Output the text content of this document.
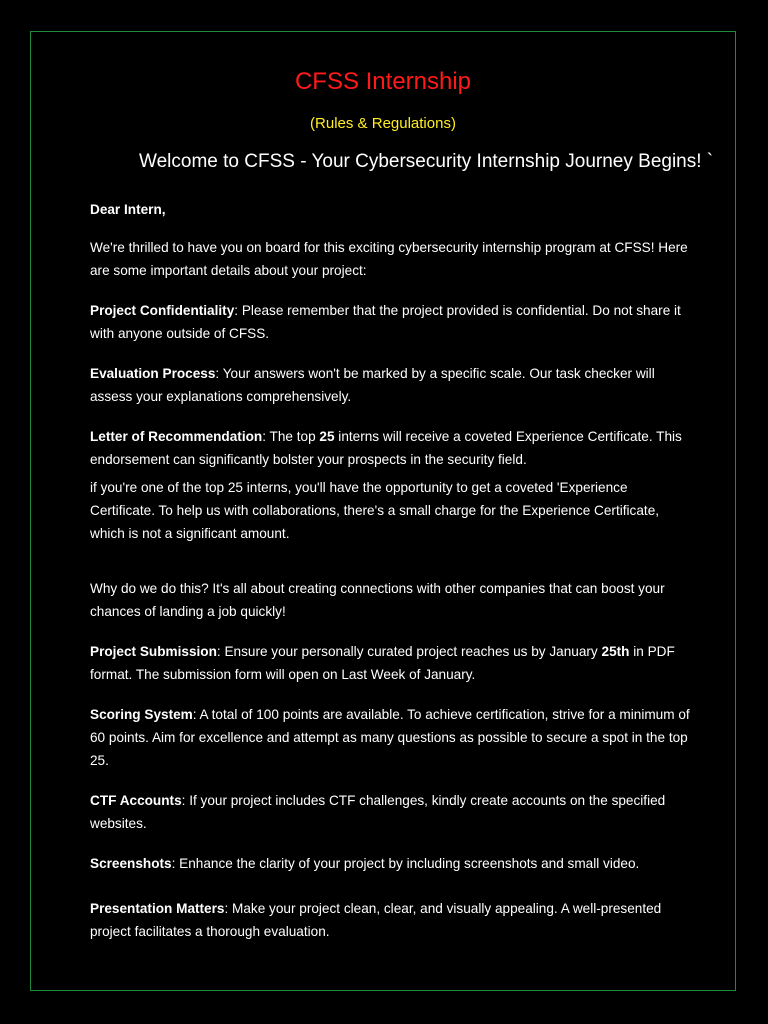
CFSS Internship
(Rules & Regulations)
Welcome to CFSS - Your Cybersecurity Internship Journey Begins! `
Dear Intern,
We're thrilled to have you on board for this exciting cybersecurity internship program at CFSS! Here are some important details about your project:
Project Confidentiality: Please remember that the project provided is confidential. Do not share it with anyone outside of CFSS.
Evaluation Process: Your answers won't be marked by a specific scale. Our task checker will assess your explanations comprehensively.
Letter of Recommendation: The top 25 interns will receive a coveted Experience Certificate. This endorsement can significantly bolster your prospects in the security field.
if you're one of the top 25 interns, you'll have the opportunity to get a coveted 'Experience Certificate. To help us with collaborations, there's a small charge for the Experience Certificate, which is not a significant amount.
Why do we do this? It's all about creating connections with other companies that can boost your chances of landing a job quickly!
Project Submission: Ensure your personally curated project reaches us by January 25th in PDF format. The submission form will open on Last Week of January.
Scoring System: A total of 100 points are available. To achieve certification, strive for a minimum of 60 points. Aim for excellence and attempt as many questions as possible to secure a spot in the top 25.
CTF Accounts: If your project includes CTF challenges, kindly create accounts on the specified websites.
Screenshots: Enhance the clarity of your project by including screenshots and small video.
Presentation Matters: Make your project clean, clear, and visually appealing. A well-presented project facilitates a thorough evaluation.
